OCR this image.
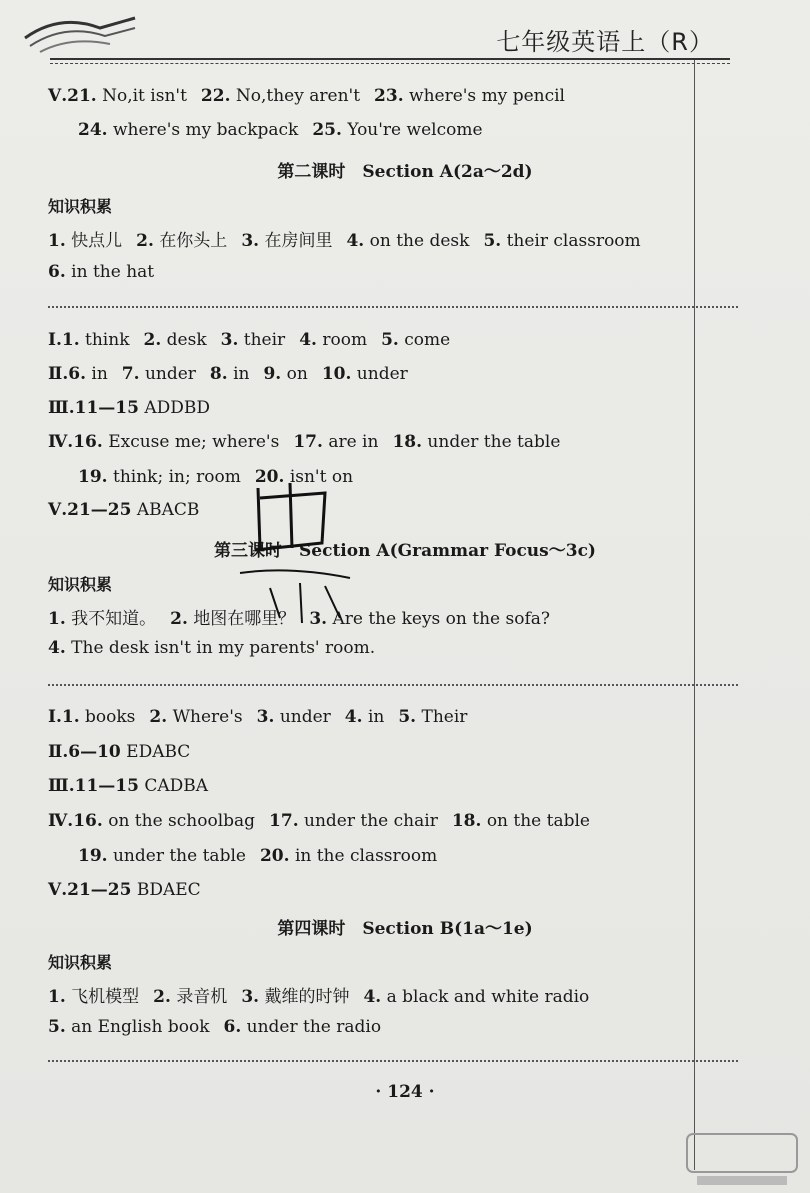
七年级英语上（R）
Ⅴ.21. No,it isn't 22. No,they aren't 23. where's my pencil
24. where's my backpack 25. You're welcome
第二课时　Section A(2a～2d)
知识积累
1. 快点儿 2. 在你头上 3. 在房间里 4. on the desk 5. their classroom
6. in the hat
Ⅰ.1. think 2. desk 3. their 4. room 5. come
Ⅱ.6. in 7. under 8. in 9. on 10. under
Ⅲ.11—15 ADDBD
Ⅳ.16. Excuse me; where's 17. are in 18. under the table
19. think; in; room 20. isn't on
Ⅴ.21—25 ABACB
第三课时　Section A(Grammar Focus～3c)
知识积累
1. 我不知道。 2. 地图在哪里？ 3. Are the keys on the sofa?
4. The desk isn't in my parents' room.
Ⅰ.1. books 2. Where's 3. under 4. in 5. Their
Ⅱ.6—10 EDABC
Ⅲ.11—15 CADBA
Ⅳ.16. on the schoolbag 17. under the chair 18. on the table
19. under the table 20. in the classroom
Ⅴ.21—25 BDAEC
第四课时　Section B(1a～1e)
知识积累
1. 飞机模型 2. 录音机 3. 戴维的时钟 4. a black and white radio
5. an English book 6. under the radio
· 124 ·
